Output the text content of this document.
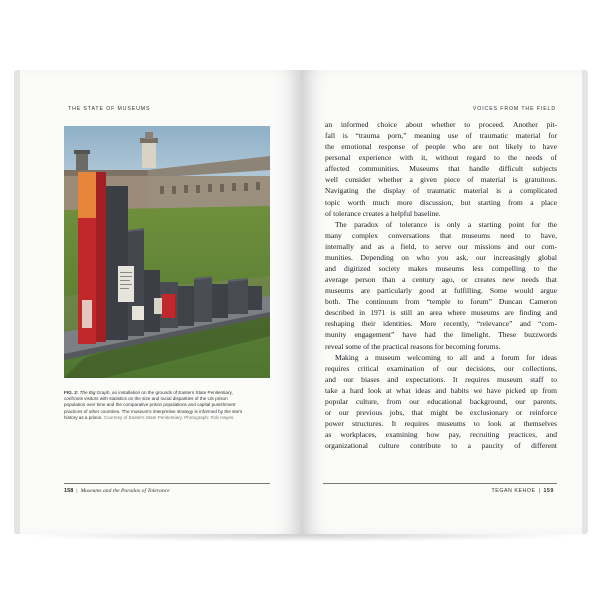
THE STATE OF MUSEUMS
FIG. 2: The Big Graph, an installation on the grounds of Eastern State Penitentiary,
confronts visitors with statistics on the size and racial disparities of the US prison
population over time and the comparative prison populations and capital punishment
practices of other countries. The museum's interpretive strategy is informed by the site's
history as a prison. Courtesy of Eastern State Penitentiary. Photograph: Rob Hayes.
158 | Museums and the Paradox of Tolerance
VOICES FROM THE FIELD
an informed choice about whether to proceed. Another pit-
fall is “trauma porn,” meaning use of traumatic material for
the emotional response of people who are not likely to have
personal experience with it, without regard to the needs of
affected communities. Museums that handle difficult subjects
well consider whether a given piece of material is gratuitous.
Navigating the display of traumatic material is a complicated
topic worth much more discussion, but starting from a place
of tolerance creates a helpful baseline.
The paradox of tolerance is only a starting point for the
many complex conversations that museums need to have,
internally and as a field, to serve our missions and our com-
munities. Depending on who you ask, our increasingly global
and digitized society makes museums less compelling to the
average person than a century ago, or creates new needs that
museums are particularly good at fulfilling. Some would argue
both. The continuum from “temple to forum” Duncan Cameron
described in 1971 is still an area where museums are finding and
reshaping their identities. More recently, “relevance” and “com-
munity engagement” have had the limelight. These buzzwords
reveal some of the practical reasons for becoming forums.
Making a museum welcoming to all and a forum for ideas
requires critical examination of our decisions, our collections,
and our biases and expectations. It requires museum staff to
take a hard look at what ideas and habits we have picked up from
popular culture, from our educational background, our parents,
or our previous jobs, that might be exclusionary or reinforce
power structures. It requires museums to look at themselves
as workplaces, examining how pay, recruiting practices, and
organizational culture contribute to a paucity of different
TEGAN KEHOE | 159
